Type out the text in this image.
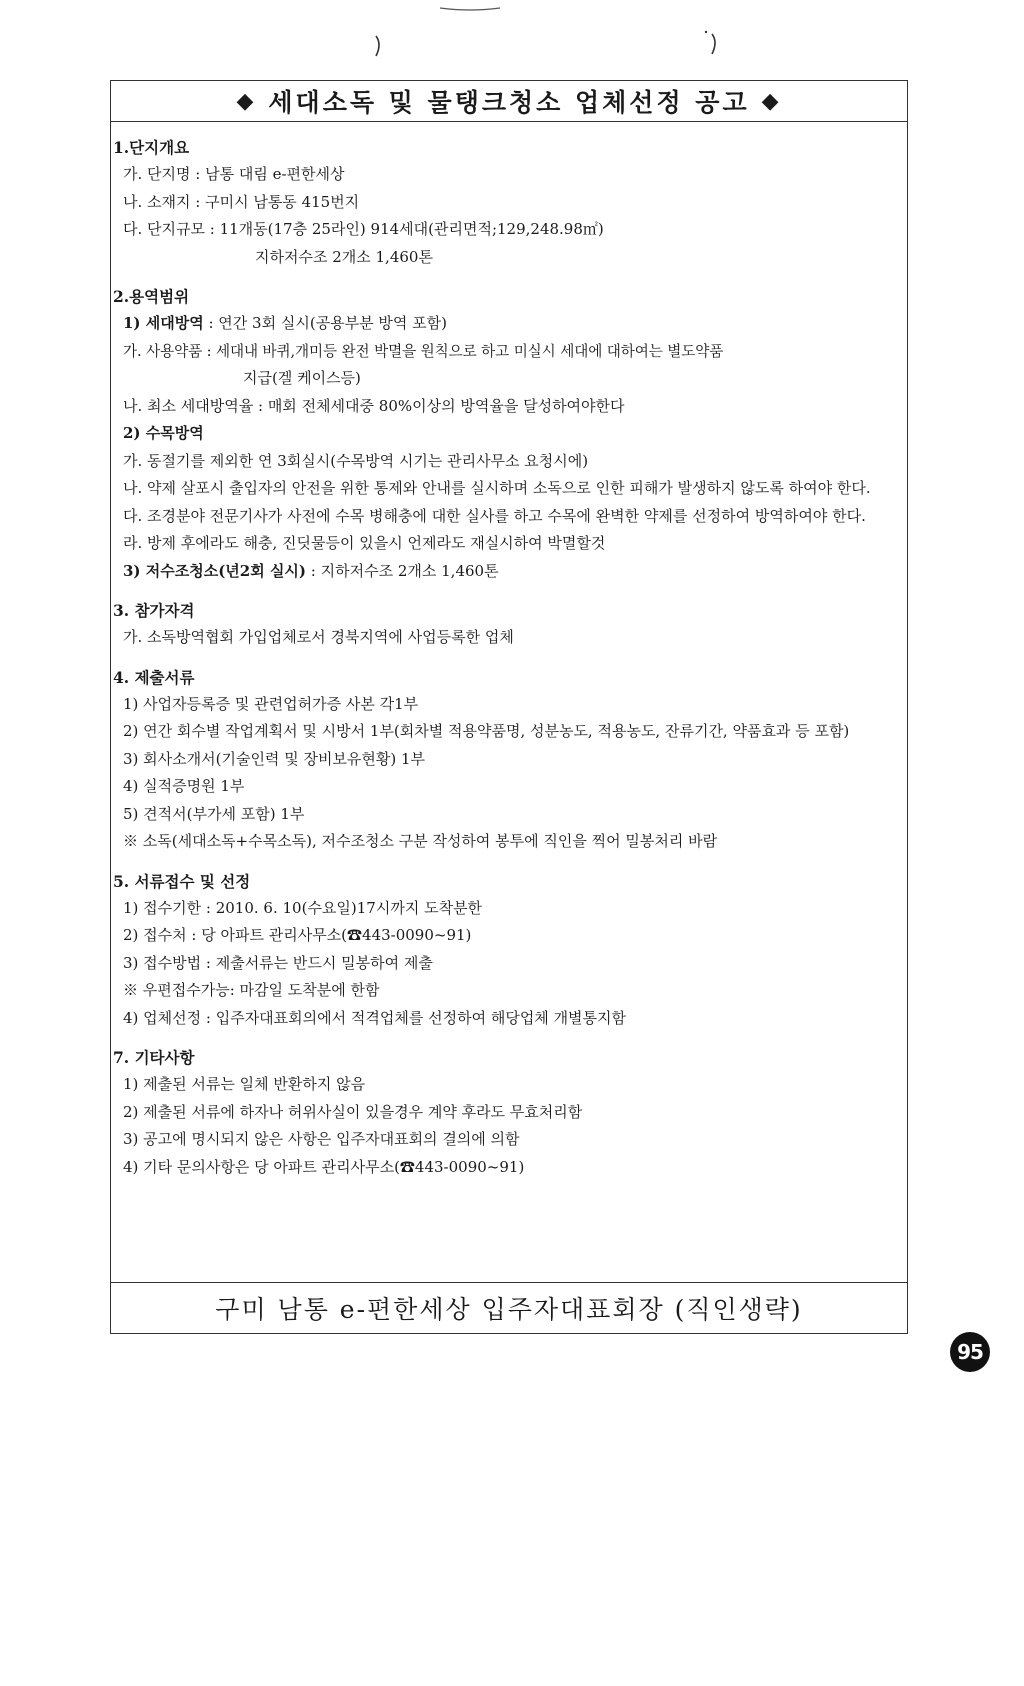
◆ 세대소독 및 물탱크청소 업체선정 공고 ◆
1.단지개요
가. 단지명 : 남통 대림 e-편한세상
나. 소재지 : 구미시 남통동 415번지
다. 단지규모 : 11개동(17층 25라인) 914세대(관리면적;129,248.98㎡)
지하저수조 2개소 1,460톤
2.용역범위
1) 세대방역 : 연간 3회 실시(공용부분 방역 포함)
가. 사용약품 : 세대내 바퀴,개미등 완전 박멸을 원칙으로 하고 미실시 세대에 대하여는 별도약품
지급(겔 케이스등)
나. 최소 세대방역율 : 매회 전체세대중 80%이상의 방역율을 달성하여야한다
2) 수목방역
가. 동절기를 제외한 연 3회실시(수목방역 시기는 관리사무소 요청시에)
나. 약제 살포시 출입자의 안전을 위한 통제와 안내를 실시하며 소독으로 인한 피해가 발생하지 않도록 하여야 한다.
다. 조경분야 전문기사가 사전에 수목 병해충에 대한 실사를 하고 수목에 완벽한 약제를 선정하여 방역하여야 한다.
라. 방제 후에라도 해충, 진딧물등이 있을시 언제라도 재실시하여 박멸할것
3) 저수조청소(년2회 실시) : 지하저수조 2개소 1,460톤
3. 참가자격
가. 소독방역협회 가입업체로서 경북지역에 사업등록한 업체
4. 제출서류
1) 사업자등록증 및 관련업허가증 사본 각1부
2) 연간 회수별 작업계획서 및 시방서 1부(회차별 적용약품명, 성분농도, 적용농도, 잔류기간, 약품효과 등 포함)
3) 회사소개서(기술인력 및 장비보유현황) 1부
4) 실적증명원 1부
5) 견적서(부가세 포함) 1부
※ 소독(세대소독+수목소독), 저수조청소 구분 작성하여 봉투에 직인을 찍어 밀봉처리 바람
5. 서류접수 및 선정
1) 접수기한 : 2010. 6. 10(수요일)17시까지 도착분한
2) 접수처 : 당 아파트 관리사무소(☎443-0090~91)
3) 접수방법 : 제출서류는 반드시 밀봉하여 제출
※ 우편접수가능: 마감일 도착분에 한함
4) 업체선정 : 입주자대표회의에서 적격업체를 선정하여 해당업체 개별통지함
7. 기타사항
1) 제출된 서류는 일체 반환하지 않음
2) 제출된 서류에 하자나 허위사실이 있을경우 계약 후라도 무효처리함
3) 공고에 명시되지 않은 사항은 입주자대표회의 결의에 의함
4) 기타 문의사항은 당 아파트 관리사무소(☎443-0090~91)
구미 남통 e-편한세상 입주자대표회장 (직인생략)
95
